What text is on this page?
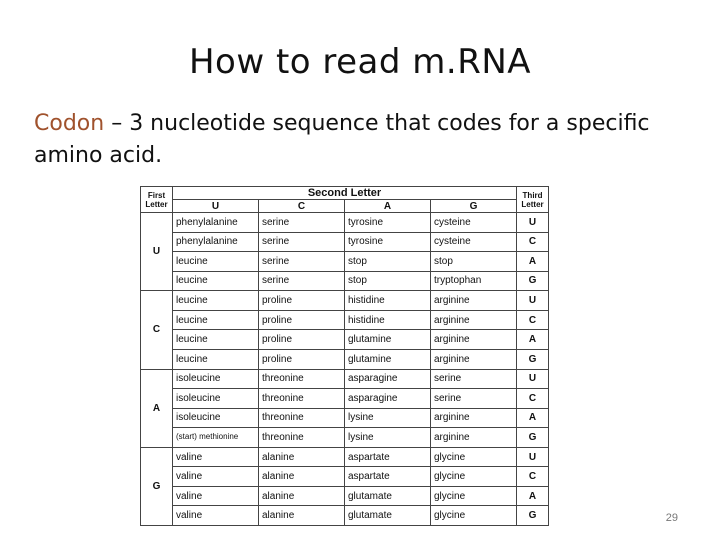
How to read m.RNA
Codon – 3 nucleotide sequence that codes for a specific amino acid.
First Letter	Second Letter				Third Letter
	U	C	A	G	
U	phenylalanine	serine	tyrosine	cysteine	U
	phenylalanine	serine	tyrosine	cysteine	C
	leucine	serine	stop	stop	A
	leucine	serine	stop	tryptophan	G
C	leucine	proline	histidine	arginine	U
	leucine	proline	histidine	arginine	C
	leucine	proline	glutamine	arginine	A
	leucine	proline	glutamine	arginine	G
A	isoleucine	threonine	asparagine	serine	U
	isoleucine	threonine	asparagine	serine	C
	isoleucine	threonine	lysine	arginine	A
	(start) methionine	threonine	lysine	arginine	G
G	valine	alanine	aspartate	glycine	U
	valine	alanine	aspartate	glycine	C
	valine	alanine	glutamate	glycine	A
	valine	alanine	glutamate	glycine	G	29
